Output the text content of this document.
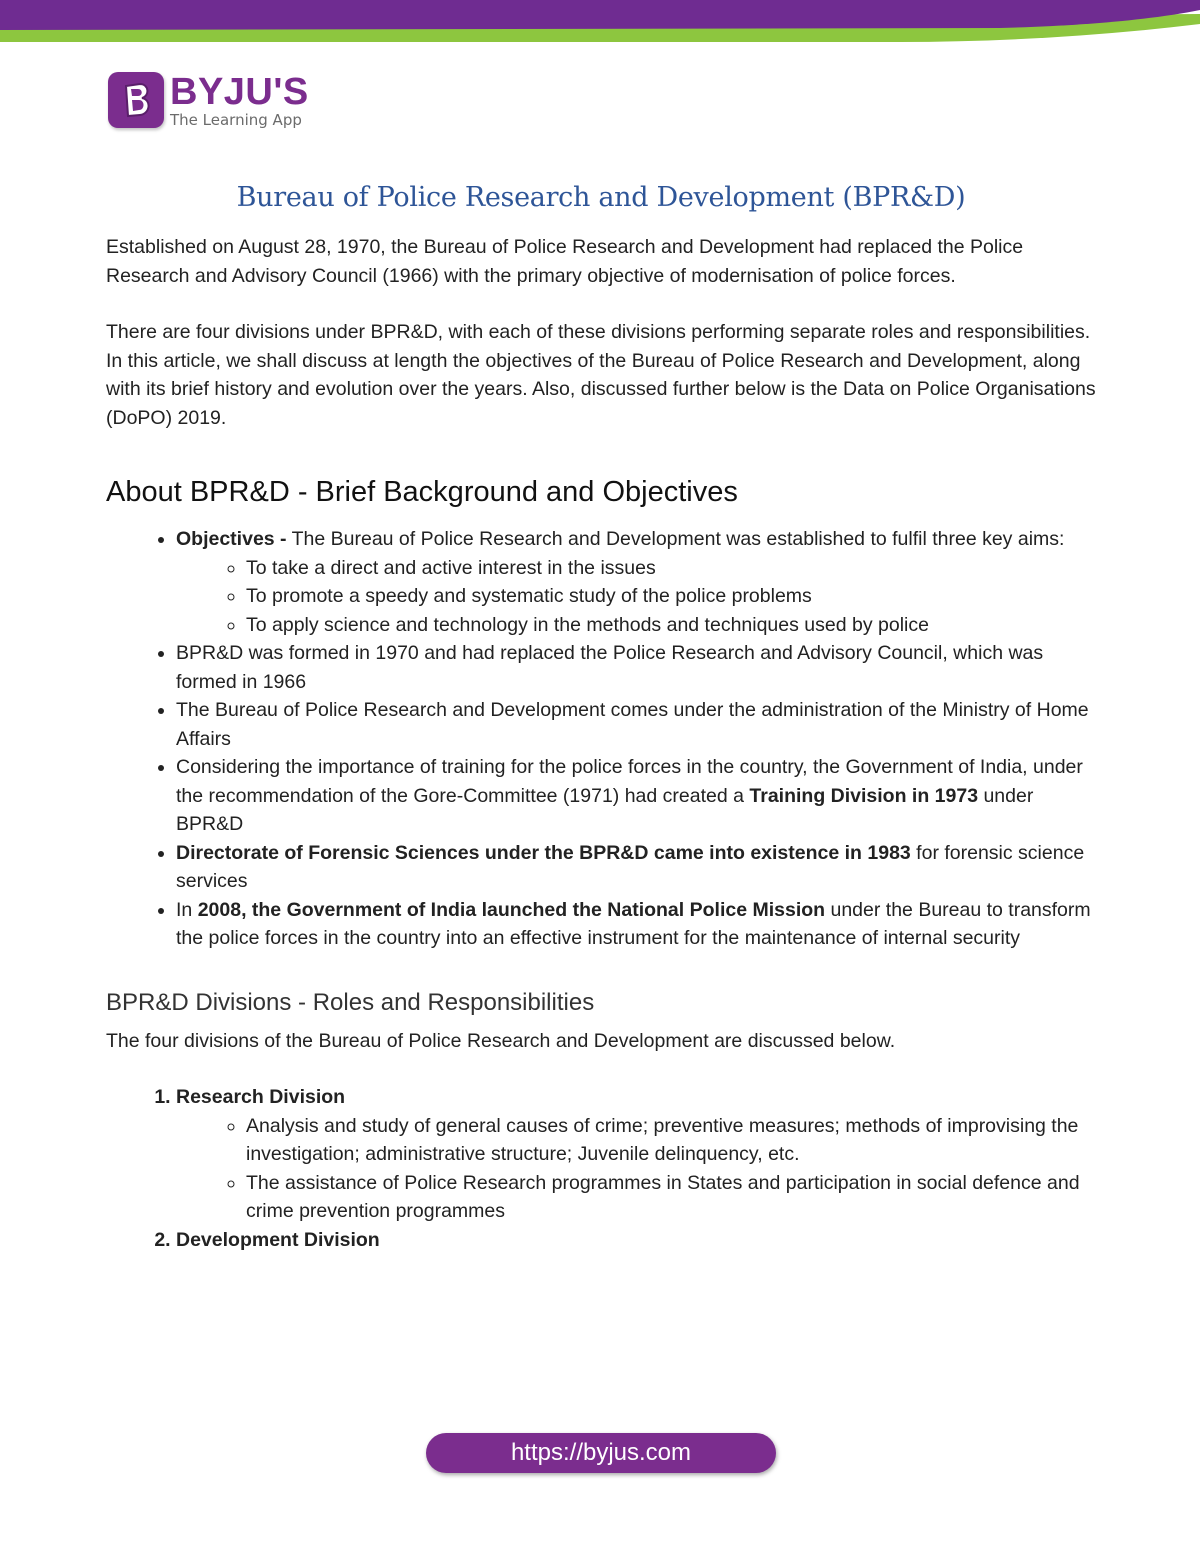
BYJU'S
The Learning App
Bureau of Police Research and Development (BPR&D)

Established on August 28, 1970, the Bureau of Police Research and Development had replaced the Police Research and Advisory Council (1966) with the primary objective of modernisation of police forces.

There are four divisions under BPR&D, with each of these divisions performing separate roles and responsibilities. In this article, we shall discuss at length the objectives of the Bureau of Police Research and Development, along with its brief history and evolution over the years. Also, discussed further below is the Data on Police Organisations (DoPO) 2019.

About BPR&D - Brief Background and Objectives
• Objectives - The Bureau of Police Research and Development was established to fulfil three key aims:
◦ To take a direct and active interest in the issues
◦ To promote a speedy and systematic study of the police problems
◦ To apply science and technology in the methods and techniques used by police
• BPR&D was formed in 1970 and had replaced the Police Research and Advisory Council, which was formed in 1966
• The Bureau of Police Research and Development comes under the administration of the Ministry of Home Affairs
• Considering the importance of training for the police forces in the country, the Government of India, under the recommendation of the Gore-Committee (1971) had created a Training Division in 1973 under BPR&D
• Directorate of Forensic Sciences under the BPR&D came into existence in 1983 for forensic science services
• In 2008, the Government of India launched the National Police Mission under the Bureau to transform the police forces in the country into an effective instrument for the maintenance of internal security
BPR&D Divisions - Roles and Responsibilities

The four divisions of the Bureau of Police Research and Development are discussed below.

1. Research Division
◦ Analysis and study of general causes of crime; preventive measures; methods of improvising the investigation; administrative structure; Juvenile delinquency, etc.
◦ The assistance of Police Research programmes in States and participation in social defence and crime prevention programmes
2. Development Division
https://byjus.com
